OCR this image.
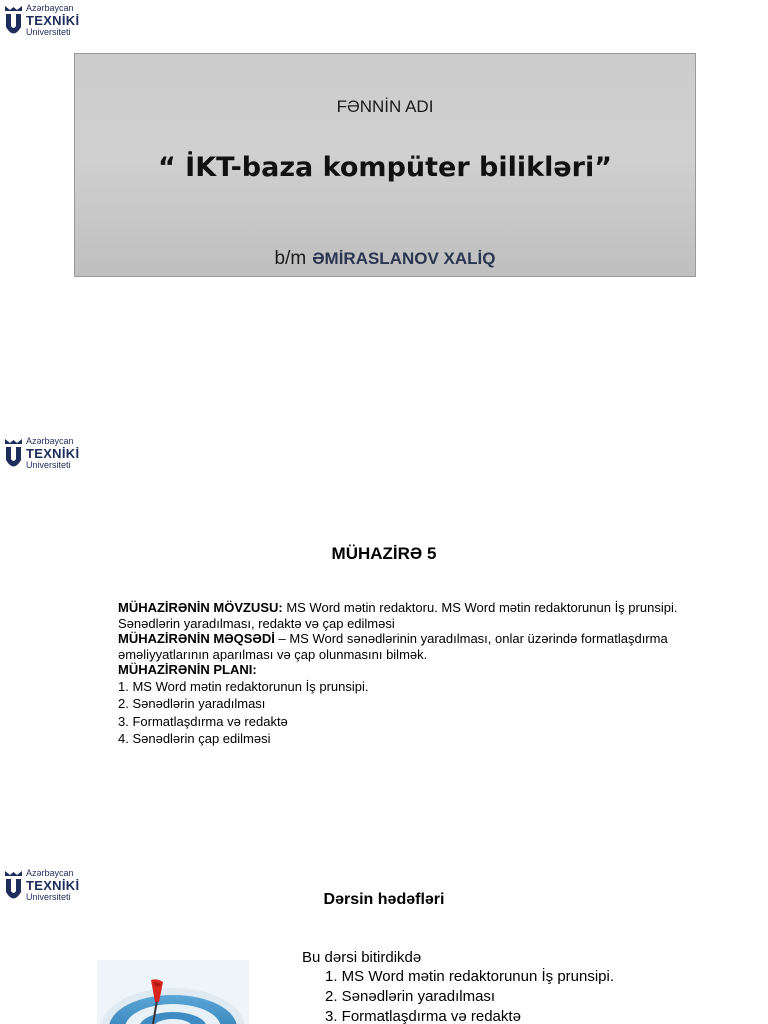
Azərbaycan
TEXNİKİ
Universiteti
FƏNNİN ADI
“ İKT-baza kompüter bilikləri”
b/m ƏMİRASLANOV XALİQ
Azərbaycan
TEXNİKİ
Universiteti
MÜHAZİRƏ 5
MÜHAZİRƏNİN MÖVZUSU: MS Word mətin redaktoru. MS Word mətin redaktorunun İş prunsipi. Sənədlərin yaradılması, redaktə və çap edilməsi
MÜHAZİRƏNİN MƏQSƏDİ – MS Word sənədlərinin yaradılması, onlar üzərində formatlaşdırma əməliyyatlarının aparılması və çap olunmasını bilmək.
MÜHAZİRƏNİN PLANI:
1. MS Word mətin redaktorunun İş prunsipi.
2. Sənədlərin yaradılması
3. Formatlaşdırma və redaktə
4. Sənədlərin çap edilməsi
Azərbaycan
TEXNİKİ
Universiteti	Dərsin hədəfləri
Bu dərsi bitirdikdə
1. MS Word mətin redaktorunun İş prunsipi.
2. Sənədlərin yaradılması
3. Formatlaşdırma və redaktə
